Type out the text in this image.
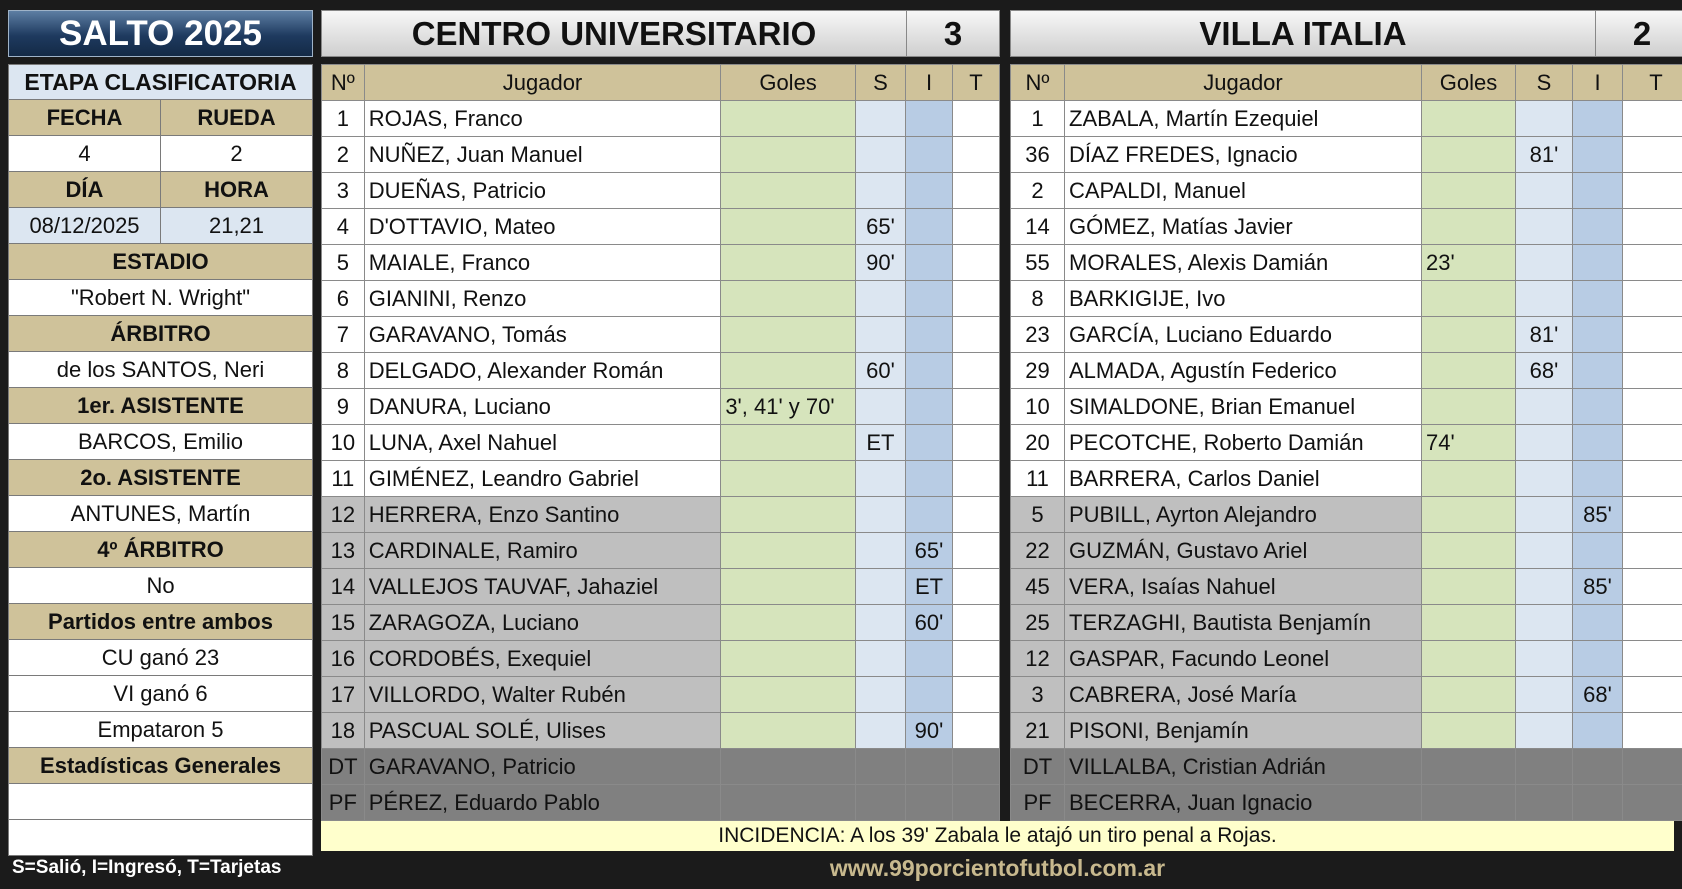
SALTO 2025
ETAPA CLASIFICATORIA
FECHA	RUEDA
4	2
DÍA	HORA
08/12/2025	21,21
ESTADIO
"Robert N. Wright"
ÁRBITRO
de los SANTOS, Neri
1er. ASISTENTE
BARCOS, Emilio
2o. ASISTENTE
ANTUNES, Martín
4º ÁRBITRO
No
Partidos entre ambos
CU ganó 23
VI ganó 6
Empataron 5
Estadísticas Generales
CENTRO UNIVERSITARIO	3
Nº	Jugador	Goles	S	I	T
1	ROJAS, Franco				
2	NUÑEZ, Juan Manuel				
3	DUEÑAS, Patricio				
4	D'OTTAVIO, Mateo		65'		
5	MAIALE, Franco		90'		
6	GIANINI, Renzo				
7	GARAVANO, Tomás				
8	DELGADO, Alexander Román		60'		
9	DANURA, Luciano	3', 41' y 70'			
10	LUNA, Axel Nahuel		ET		
11	GIMÉNEZ, Leandro Gabriel				
12	HERRERA, Enzo Santino				
13	CARDINALE, Ramiro			65'	
14	VALLEJOS TAUVAF, Jahaziel			ET	
15	ZARAGOZA, Luciano			60'	
16	CORDOBÉS, Exequiel				
17	VILLORDO, Walter Rubén				
18	PASCUAL SOLÉ, Ulises			90'	
DT	GARAVANO, Patricio				
PF	PÉREZ, Eduardo Pablo				
VILLA ITALIA	2
Nº	Jugador	Goles	S	I	T
1	ZABALA, Martín Ezequiel				
36	DÍAZ FREDES, Ignacio		81'		
2	CAPALDI, Manuel				
14	GÓMEZ, Matías Javier				
55	MORALES, Alexis Damián	23'			
8	BARKIGIJE, Ivo				
23	GARCÍA, Luciano Eduardo		81'		
29	ALMADA, Agustín Federico		68'		
10	SIMALDONE, Brian Emanuel				
20	PECOTCHE, Roberto Damián	74'			
11	BARRERA, Carlos Daniel				
5	PUBILL, Ayrton Alejandro			85'	
22	GUZMÁN, Gustavo Ariel				
45	VERA, Isaías Nahuel			85'	
25	TERZAGHI, Bautista Benjamín				
12	GASPAR, Facundo Leonel				
3	CABRERA, José María			68'	
21	PISONI, Benjamín				
DT	VILLALBA, Cristian Adrián				
PF	BECERRA, Juan Ignacio				
INCIDENCIA: A los 39' Zabala le atajó un tiro penal a Rojas.
S=Salió, I=Ingresó, T=Tarjetas	www.99porcientofutbol.com.ar
